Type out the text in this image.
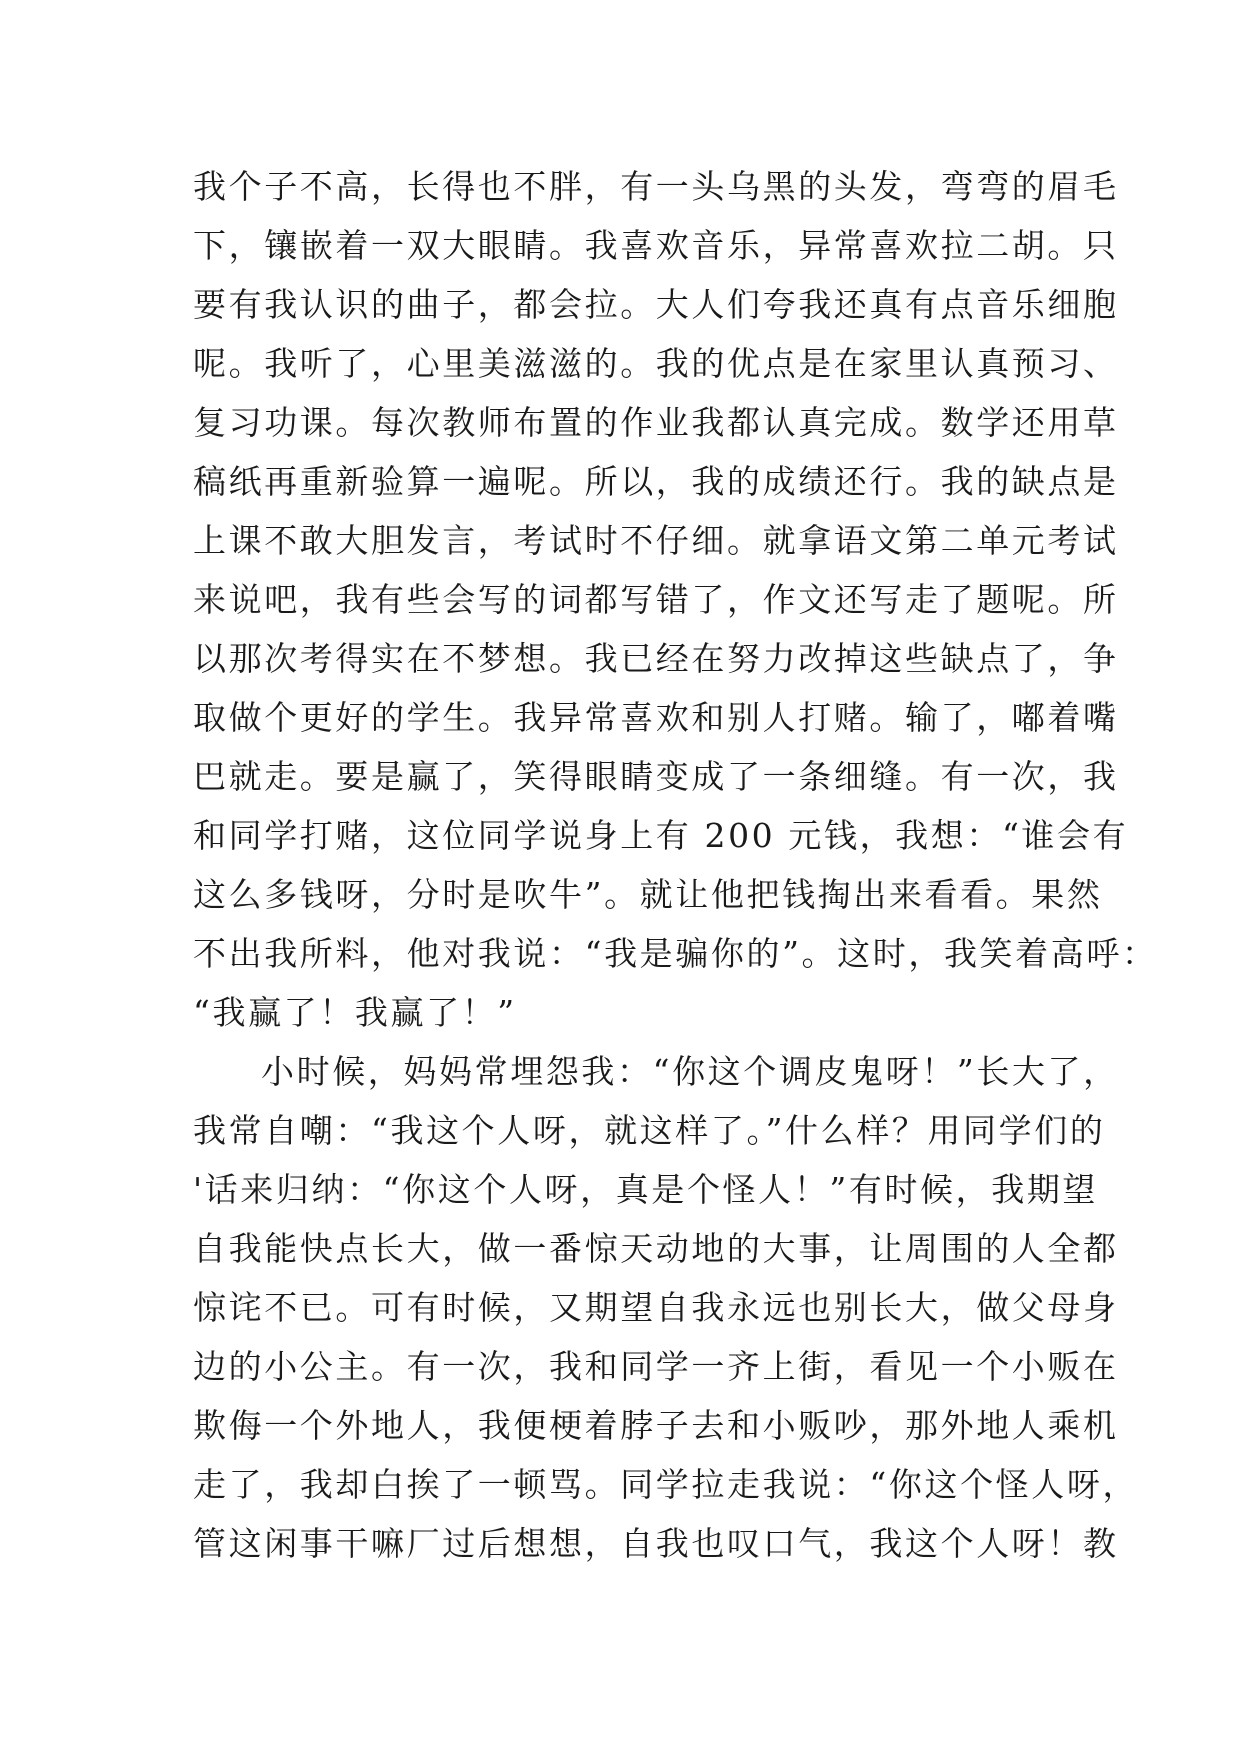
我个子不高，长得也不胖，有一头乌黑的头发，弯弯的眉毛
下，镶嵌着一双大眼睛。我喜欢音乐，异常喜欢拉二胡。只
要有我认识的曲子，都会拉。大人们夸我还真有点音乐细胞
呢。我听了，心里美滋滋的。我的优点是在家里认真预习、
复习功课。每次教师布置的作业我都认真完成。数学还用草
稿纸再重新验算一遍呢。所以，我的成绩还行。我的缺点是
上课不敢大胆发言，考试时不仔细。就拿语文第二单元考试
来说吧，我有些会写的词都写错了，作文还写走了题呢。所
以那次考得实在不梦想。我已经在努力改掉这些缺点了，争
取做个更好的学生。我异常喜欢和别人打赌。输了，嘟着嘴
巴就走。要是赢了，笑得眼睛变成了一条细缝。有一次，我
和同学打赌，这位同学说身上有 200 元钱，我想：“谁会有
这么多钱呀，分时是吹牛”。就让他把钱掏出来看看。果然
不出我所料，他对我说：“我是骗你的”。这时，我笑着高呼：
“我赢了！我赢了！”
小时候，妈妈常埋怨我：“你这个调皮鬼呀！”长大了，
我常自嘲：“我这个人呀，就这样了。”什么样？用同学们的
'话来归纳：“你这个人呀，真是个怪人！”有时候，我期望
自我能快点长大，做一番惊天动地的大事，让周围的人全都
惊诧不已。可有时候，又期望自我永远也别长大，做父母身
边的小公主。有一次，我和同学一齐上街，看见一个小贩在
欺侮一个外地人，我便梗着脖子去和小贩吵，那外地人乘机
走了，我却白挨了一顿骂。同学拉走我说：“你这个怪人呀，
管这闲事干嘛厂过后想想，自我也叹口气，我这个人呀！教
